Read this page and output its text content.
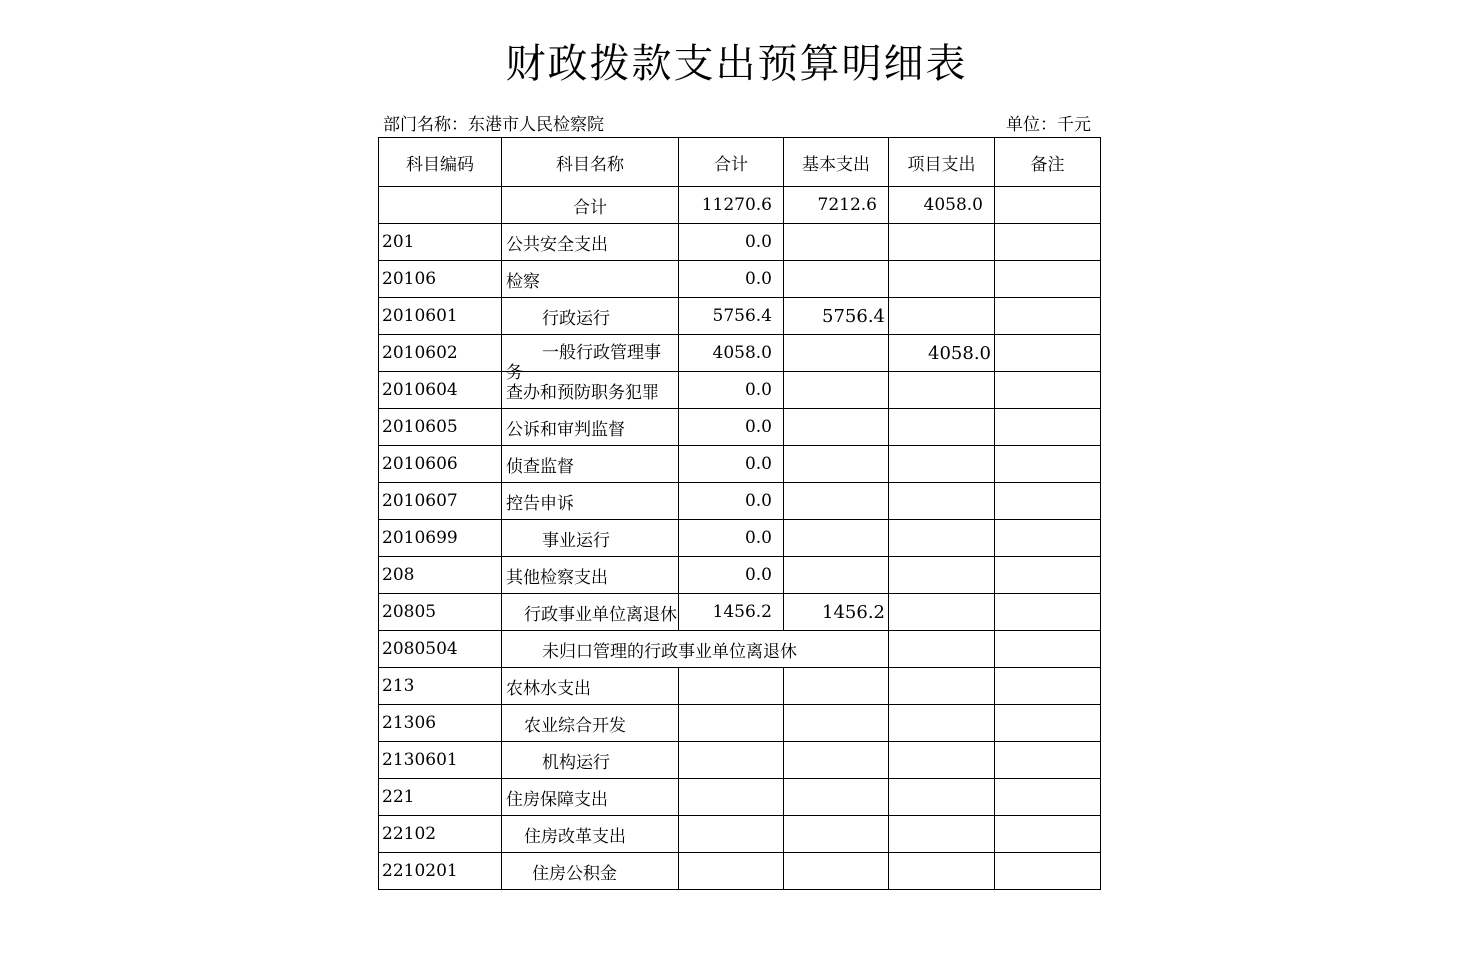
财政拨款支出预算明细表
部门名称：东港市人民检察院	单位：千元
科目编码	科目名称	合计	基本支出	项目支出	备注
	合计	11270.6	7212.6	4058.0	
201	公共安全支出	0.0			
20106	检察	0.0			
2010601	行政运行	5756.4	5756.4		
2010602	一般行政管理事
务	4058.0		4058.0	
2010604	查办和预防职务犯罪	0.0			
2010605	公诉和审判监督	0.0			
2010606	侦查监督	0.0			
2010607	控告申诉	0.0			
2010699	事业运行	0.0			
208	其他检察支出	0.0			
20805	行政事业单位离退休	1456.2	1456.2		
2080504	未归口管理的行政事业单位离退休				
213	农林水支出				
21306	农业综合开发				
2130601	机构运行				
221	住房保障支出				
22102	住房改革支出				
2210201	住房公积金				
